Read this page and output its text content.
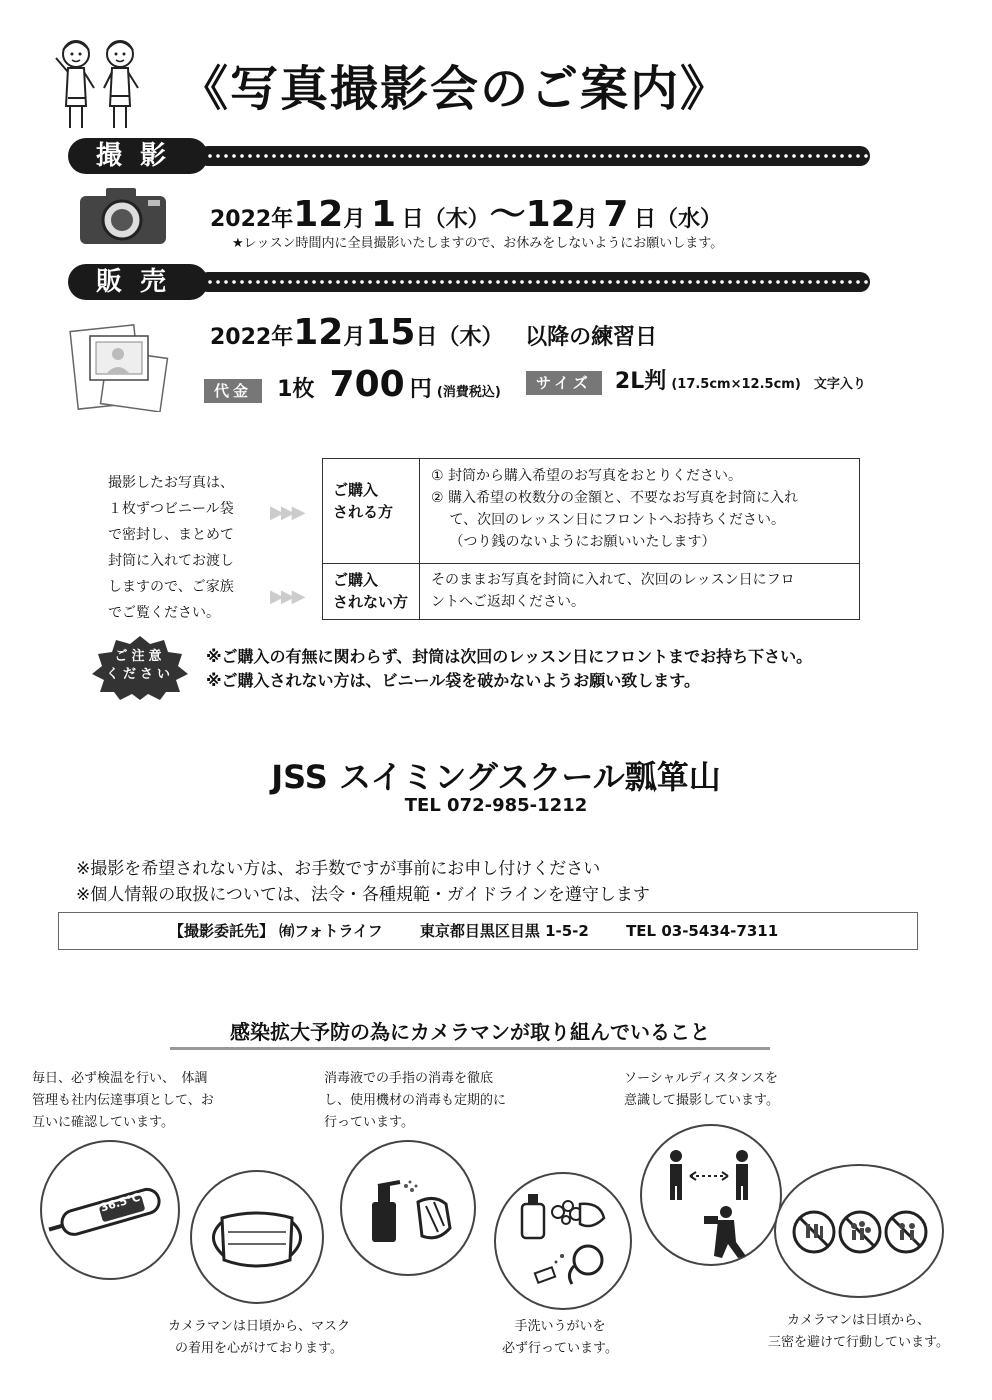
《写真撮影会のご案内》
撮影
2022年12月 1 日（木）～12月 7 日（水）
★レッスン時間内に全員撮影いたしますので、お休みをしないようにお願いします。
販売
2022年12月15日（木） 以降の練習日
代金 1枚 700 円 (消費税込)
サイズ 2L判 (17.5cm×12.5cm) 文字入り
撮影したお写真は、
１枚ずつビニール袋
で密封し、まとめて
封筒に入れてお渡し
しますので、ご家族
でご覧ください。
▶▶▶
▶▶▶
ご購入
される方
① 封筒から購入希望のお写真をおとりください。
② 購入希望の枚数分の金額と、不要なお写真を封筒に入れ
　 て、次回のレッスン日にフロントへお持ちください。
　 （つり銭のないようにお願いいたします）
ご購入
されない方
そのままお写真を封筒に入れて、次回のレッスン日にフロ
ントへご返却ください。
ご注意
ください
※ご購入の有無に関わらず、封筒は次回のレッスン日にフロントまでお持ち下さい。
※ご購入されない方は、ビニール袋を破かないようお願い致します。
JSS スイミングスクール瓢箪山
TEL 072-985-1212
※撮影を希望されない方は、お手数ですが事前にお申し付けください
※個人情報の取扱については、法令・各種規範・ガイドラインを遵守します
【撮影委託先】 ㈲フォトライフ 東京都目黒区目黒 1-5-2 TEL 03-5434-7311
感染拡大予防の為にカメラマンが取り組んでいること
毎日、必ず検温を行い、　体調
管理も社内伝達事項として、お
互いに確認しています。
消毒液での手指の消毒を徹底
し、使用機材の消毒も定期的に
行っています。
ソーシャルディスタンスを
意識して撮影しています。
36.5℃
カメラマンは日頃から、マスク
の着用を心がけております。
手洗いうがいを
必ず行っています。
カメラマンは日頃から、
三密を避けて行動しています。
